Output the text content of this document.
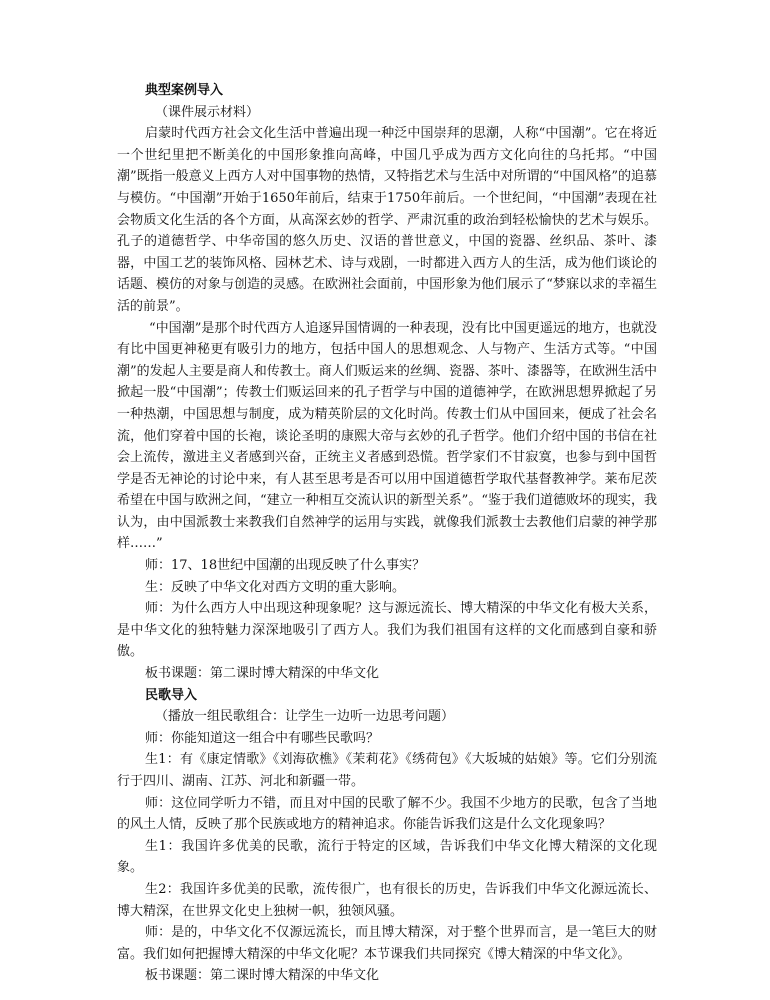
典型案例导入

（课件展示材料）

启蒙时代西方社会文化生活中普遍出现一种泛中国崇拜的思潮，人称“中国潮”。它在将近一个世纪里把不断美化的中国形象推向高峰，中国几乎成为西方文化向往的乌托邦。“中国潮”既指一般意义上西方人对中国事物的热情，又特指艺术与生活中对所谓的“中国风格”的追慕与模仿。“中国潮”开始于1650年前后，结束于1750年前后。一个世纪间，“中国潮”表现在社会物质文化生活的各个方面，从高深玄妙的哲学、严肃沉重的政治到轻松愉快的艺术与娱乐。孔子的道德哲学、中华帝国的悠久历史、汉语的普世意义，中国的瓷器、丝织品、茶叶、漆器，中国工艺的装饰风格、园林艺术、诗与戏剧，一时都进入西方人的生活，成为他们谈论的话题、模仿的对象与创造的灵感。在欧洲社会面前，中国形象为他们展示了“梦寐以求的幸福生活的前景”。

“中国潮”是那个时代西方人追逐异国情调的一种表现，没有比中国更遥远的地方，也就没有比中国更神秘更有吸引力的地方，包括中国人的思想观念、人与物产、生活方式等。“中国潮”的发起人主要是商人和传教士。商人们贩运来的丝绸、瓷器、茶叶、漆器等，在欧洲生活中掀起一股“中国潮”；传教士们贩运回来的孔子哲学与中国的道德神学，在欧洲思想界掀起了另一种热潮，中国思想与制度，成为精英阶层的文化时尚。传教士们从中国回来，便成了社会名流，他们穿着中国的长袍，谈论圣明的康熙大帝与玄妙的孔子哲学。他们介绍中国的书信在社会上流传，激进主义者感到兴奋，正统主义者感到恐慌。哲学家们不甘寂寞，也参与到中国哲学是否无神论的讨论中来，有人甚至思考是否可以用中国道德哲学取代基督教神学。莱布尼茨希望在中国与欧洲之间，“建立一种相互交流认识的新型关系”。“鉴于我们道德败坏的现实，我认为，由中国派教士来教我们自然神学的运用与实践，就像我们派教士去教他们启蒙的神学那样……”

师：17、18世纪中国潮的出现反映了什么事实？

生：反映了中华文化对西方文明的重大影响。

师：为什么西方人中出现这种现象呢？这与源远流长、博大精深的中华文化有极大关系，是中华文化的独特魅力深深地吸引了西方人。我们为我们祖国有这样的文化而感到自豪和骄傲。

板书课题：第二课时博大精深的中华文化

民歌导入

（播放一组民歌组合：让学生一边听一边思考问题）

师：你能知道这一组合中有哪些民歌吗？

生1：有《康定情歌》《刘海砍樵》《茉莉花》《绣荷包》《大坂城的姑娘》等。它们分别流行于四川、湖南、江苏、河北和新疆一带。

师：这位同学听力不错，而且对中国的民歌了解不少。我国不少地方的民歌，包含了当地的风土人情，反映了那个民族或地方的精神追求。你能告诉我们这是什么文化现象吗？

生1：我国许多优美的民歌，流行于特定的区域，告诉我们中华文化博大精深的文化现象。

生2：我国许多优美的民歌，流传很广，也有很长的历史，告诉我们中华文化源远流长、博大精深，在世界文化史上独树一帜，独领风骚。

师：是的，中华文化不仅源远流长，而且博大精深，对于整个世界而言，是一笔巨大的财富。我们如何把握博大精深的中华文化呢？本节课我们共同探究《博大精深的中华文化》。

板书课题：第二课时博大精深的中华文化
